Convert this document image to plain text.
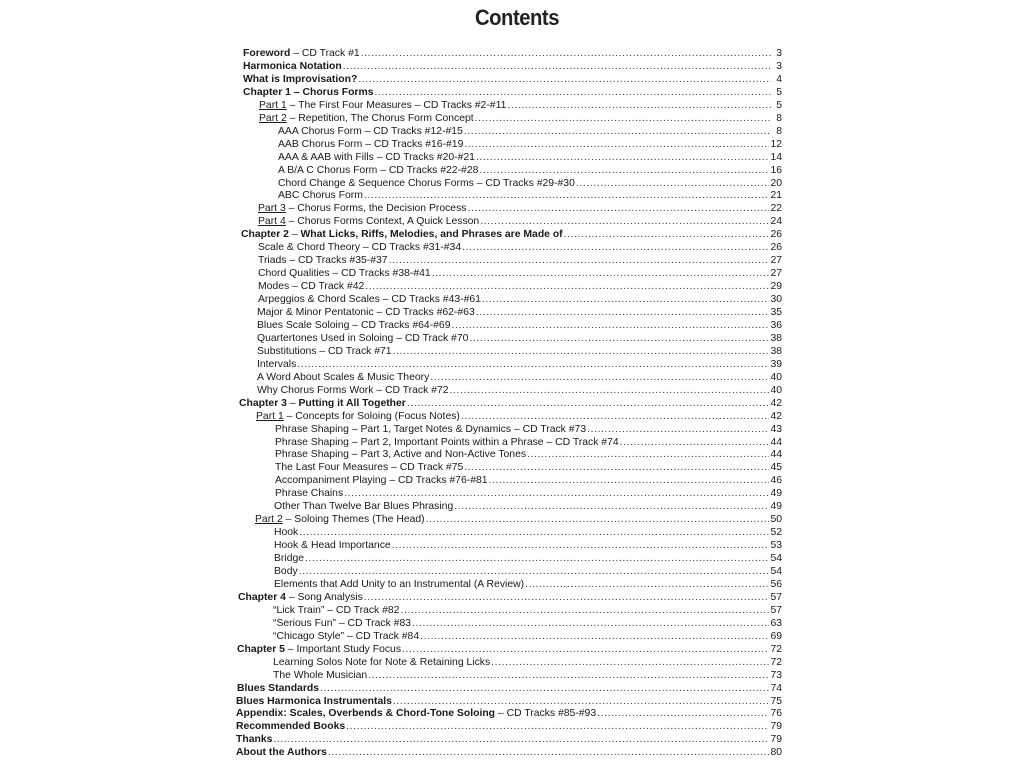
Contents
Foreword – CD Track #1 .....	3
Harmonica Notation .....	3
What is Improvisation? .....	4
Chapter 1 – Chorus Forms .....	5
Part 1 – The First Four Measures – CD Tracks #2-#11 .....	5
Part 2 – Repetition, The Chorus Form Concept .....	8
AAA Chorus Form – CD Tracks #12-#15 .....	8
AAB Chorus Form – CD Tracks #16-#19 .....	12
AAA & AAB with Fills – CD Tracks #20-#21 .....	14
A B/A C Chorus Form – CD Tracks #22-#28 .....	16
Chord Change & Sequence Chorus Forms – CD Tracks #29-#30 .....	20
ABC Chorus Form .....	21
Part 3 – Chorus Forms, the Decision Process .....	22
Part 4 – Chorus Forms Context, A Quick Lesson .....	24
Chapter 2 – What Licks, Riffs, Melodies, and Phrases are Made of .....	26
Scale & Chord Theory – CD Tracks #31-#34 .....	26
Triads – CD Tracks #35-#37 .....	27
Chord Qualities – CD Tracks #38-#41 .....	27
Modes – CD Track #42 .....	29
Arpeggios & Chord Scales – CD Tracks #43-#61 .....	30
Major & Minor Pentatonic – CD Tracks #62-#63 .....	35
Blues Scale Soloing – CD Tracks #64-#69 .....	36
Quartertones Used in Soloing – CD Track #70 .....	38
Substitutions – CD Track #71 .....	38
Intervals .....	39
A Word About Scales & Music Theory .....	40
Why Chorus Forms Work – CD Track #72 .....	40
Chapter 3 – Putting it All Together .....	42
Part 1 – Concepts for Soloing (Focus Notes) .....	42
Phrase Shaping – Part 1, Target Notes & Dynamics – CD Track #73 .....	43
Phrase Shaping – Part 2, Important Points within a Phrase – CD Track #74 .....	44
Phrase Shaping – Part 3, Active and Non-Active Tones .....	44
The Last Four Measures – CD Track #75 .....	45
Accompaniment Playing – CD Tracks #76-#81 .....	46
Phrase Chains .....	49
Other Than Twelve Bar Blues Phrasing .....	49
Part 2 – Soloing Themes (The Head) .....	50
Hook .....	52
Hook & Head Importance .....	53
Bridge .....	54
Body .....	54
Elements that Add Unity to an Instrumental (A Review) .....	56
Chapter 4 – Song Analysis .....	57
“Lick Train” – CD Track #82 .....	57
“Serious Fun” – CD Track #83 .....	63
“Chicago Style” – CD Track #84 .....	69
Chapter 5 – Important Study Focus .....	72
Learning Solos Note for Note & Retaining Licks .....	72
The Whole Musician .....	73
Blues Standards .....	74
Blues Harmonica Instrumentals .....	75
Appendix: Scales, Overbends & Chord-Tone Soloing – CD Tracks #85-#93 .....	76
Recommended Books .....	79
Thanks .....	79
About the Authors .....	80
